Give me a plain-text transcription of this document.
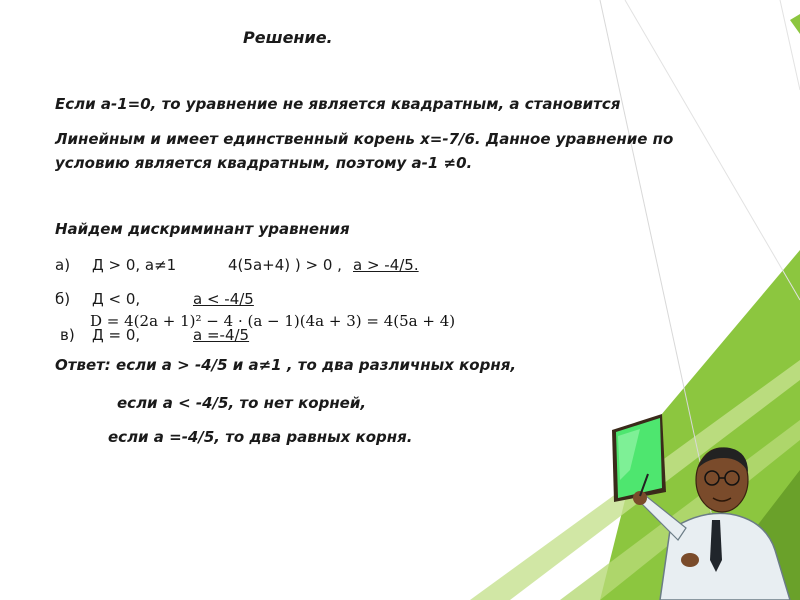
Решение.
Если а-1=0, то уравнение не является квадратным, а становится
Линейным и имеет единственный корень х=-7/6. Данное уравнение по
условию является квадратным, поэтому а-1 ≠0.
Найдем дискриминант уравнения
а) Д > 0, а≠1	4(5а+4) ) > 0 , а > -4/5.
б) Д < 0,	а < -4/5
в) Д = 0,	а =-4/5
D = 4(2a + 1)² − 4 · (a − 1)(4a + 3) = 4(5a + 4)
Ответ: если а > -4/5 и а≠1 , то два различных корня,
если а < -4/5, то нет корней,
если а =-4/5, то два равных корня.
